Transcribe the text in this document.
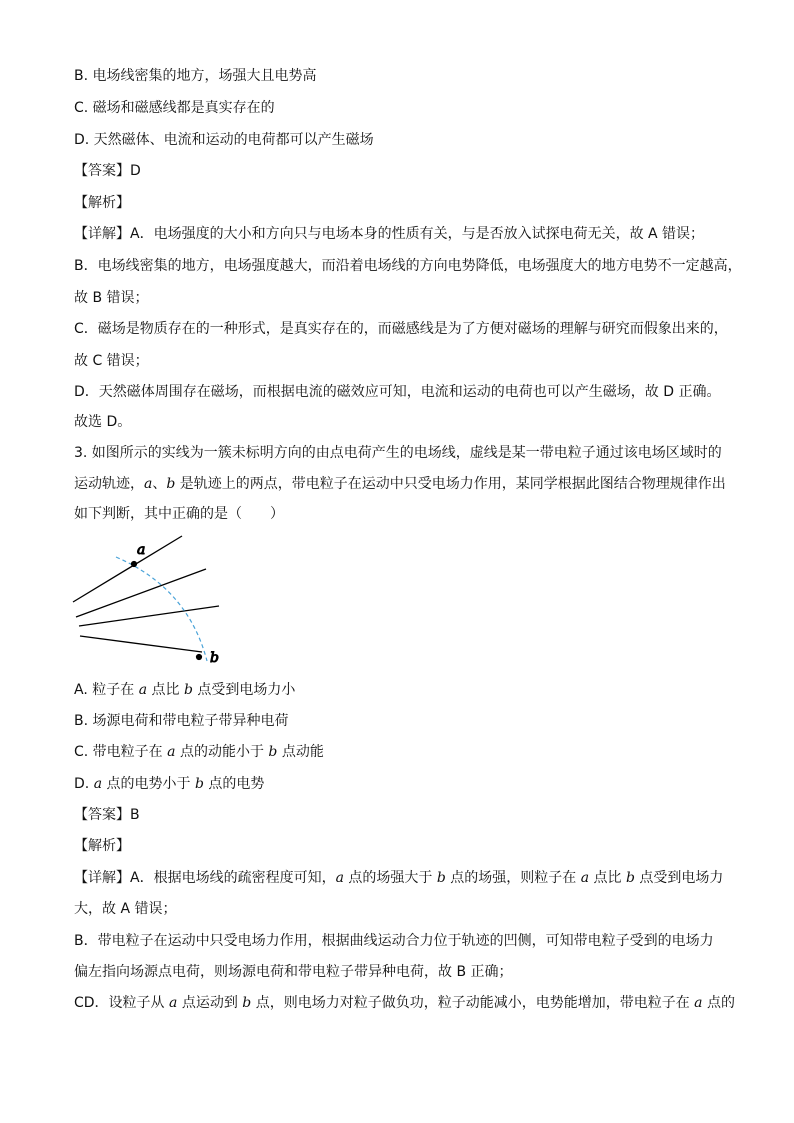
B. 电场线密集的地方，场强大且电势高
C. 磁场和磁感线都是真实存在的
D. 天然磁体、电流和运动的电荷都可以产生磁场
【答案】D
【解析】
【详解】A．电场强度的大小和方向只与电场本身的性质有关，与是否放入试探电荷无关，故 A 错误；
B．电场线密集的地方，电场强度越大，而沿着电场线的方向电势降低，电场强度大的地方电势不一定越高，
故 B 错误；
C．磁场是物质存在的一种形式，是真实存在的，而磁感线是为了方便对磁场的理解与研究而假象出来的，
故 C 错误；
D．天然磁体周围存在磁场，而根据电流的磁效应可知，电流和运动的电荷也可以产生磁场，故 D 正确。
故选 D。
3. 如图所示的实线为一簇未标明方向的由点电荷产生的电场线，虚线是某一带电粒子通过该电场区域时的
运动轨迹，a、b 是轨迹上的两点，带电粒子在运动中只受电场力作用，某同学根据此图结合物理规律作出
如下判断，其中正确的是（　　）
a
b
A. 粒子在 a 点比 b 点受到电场力小
B. 场源电荷和带电粒子带异种电荷
C. 带电粒子在 a 点的动能小于 b 点动能
D. a 点的电势小于 b 点的电势
【答案】B
【解析】
【详解】A．根据电场线的疏密程度可知，a 点的场强大于 b 点的场强，则粒子在 a 点比 b 点受到电场力
大，故 A 错误；
B．带电粒子在运动中只受电场力作用，根据曲线运动合力位于轨迹的凹侧，可知带电粒子受到的电场力
偏左指向场源点电荷，则场源电荷和带电粒子带异种电荷，故 B 正确；
CD．设粒子从 a 点运动到 b 点，则电场力对粒子做负功，粒子动能减小，电势能增加，带电粒子在 a 点的
